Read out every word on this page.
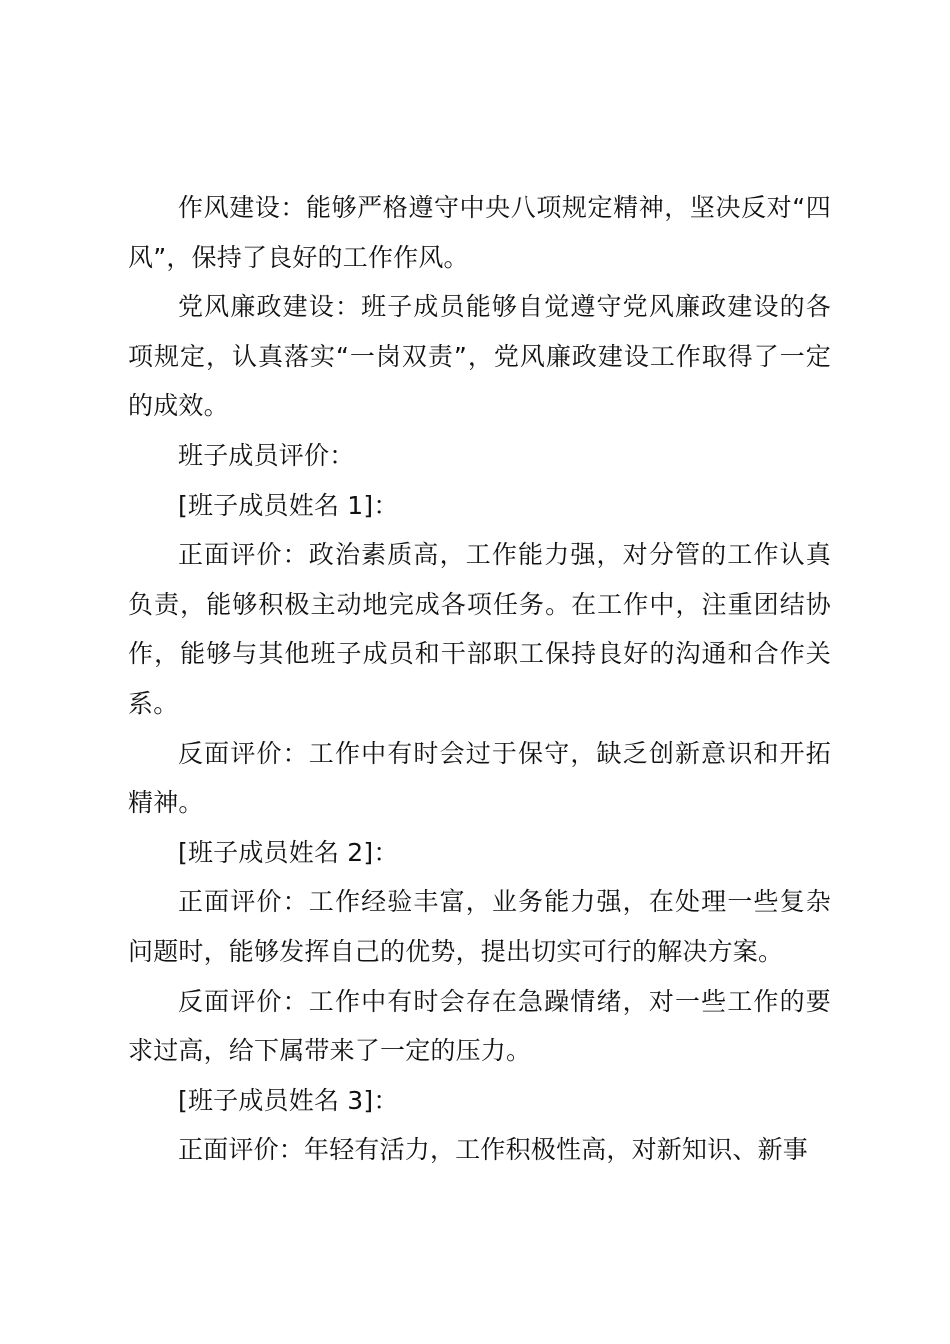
作风建设：能够严格遵守中央八项规定精神，坚决反对“四风”，保持了良好的工作作风。

党风廉政建设：班子成员能够自觉遵守党风廉政建设的各项规定，认真落实“一岗双责”，党风廉政建设工作取得了一定的成效。

班子成员评价：

[班子成员姓名 1]：

正面评价：政治素质高，工作能力强，对分管的工作认真负责，能够积极主动地完成各项任务。在工作中，注重团结协作，能够与其他班子成员和干部职工保持良好的沟通和合作关系。

反面评价：工作中有时会过于保守，缺乏创新意识和开拓精神。

[班子成员姓名 2]：

正面评价：工作经验丰富，业务能力强，在处理一些复杂问题时，能够发挥自己的优势，提出切实可行的解决方案。

反面评价：工作中有时会存在急躁情绪，对一些工作的要求过高，给下属带来了一定的压力。

[班子成员姓名 3]：

正面评价：年轻有活力，工作积极性高，对新知识、新事
